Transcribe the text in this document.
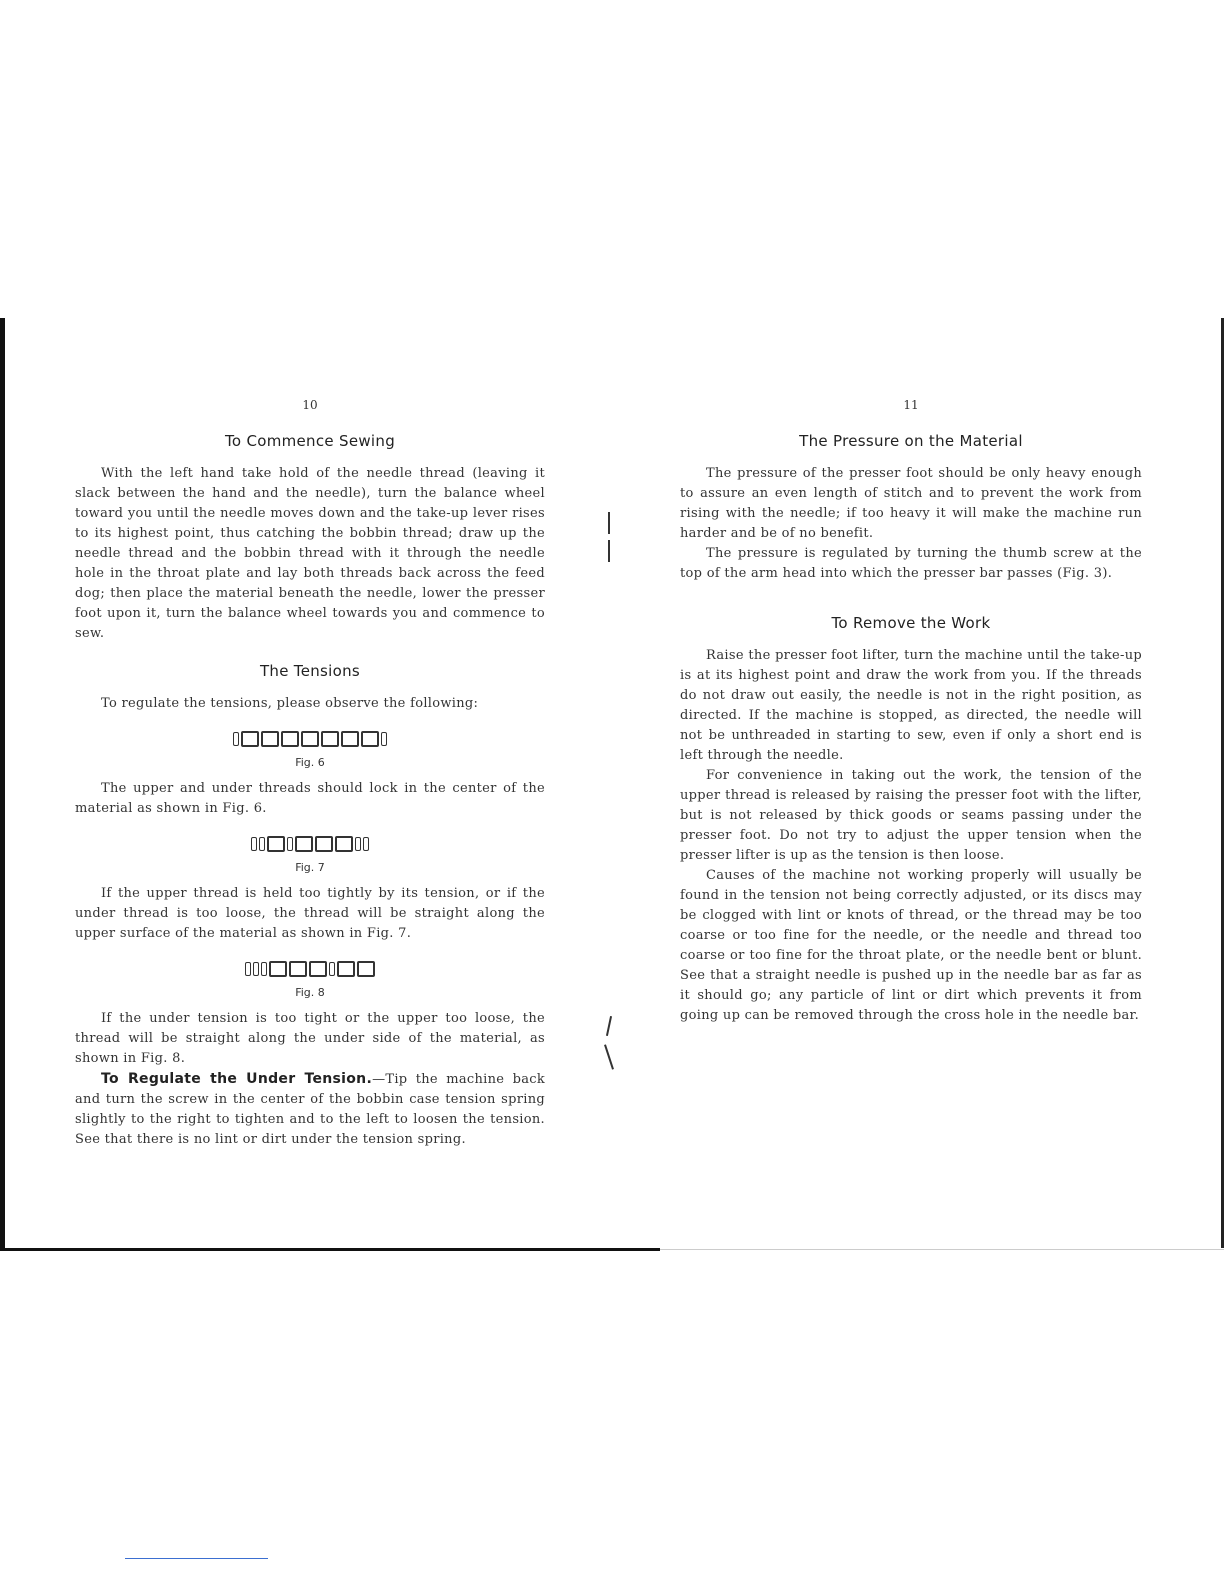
10
To Commence Sewing

With the left hand take hold of the needle thread (leaving it slack between the hand and the needle), turn the balance wheel toward you until the needle moves down and the take-up lever rises to its highest point, thus catching the bobbin thread; draw up the needle thread and the bobbin thread with it through the needle hole in the throat plate and lay both threads back across the feed dog; then place the material beneath the needle, lower the presser foot upon it, turn the balance wheel towards you and commence to sew.

The Tensions

To regulate the tensions, please observe the following:

Fig. 6

The upper and under threads should lock in the center of the material as shown in Fig. 6.

Fig. 7

If the upper thread is held too tightly by its tension, or if the under thread is too loose, the thread will be straight along the upper surface of the material as shown in Fig. 7.

Fig. 8

If the under tension is too tight or the upper too loose, the thread will be straight along the under side of the material, as shown in Fig. 8.

To Regulate the Under Tension.—Tip the machine back and turn the screw in the center of the bobbin case tension spring slightly to the right to tighten and to the left to loosen the tension. See that there is no lint or dirt under the tension spring.

11
The Pressure on the Material

The pressure of the presser foot should be only heavy enough to assure an even length of stitch and to prevent the work from rising with the needle; if too heavy it will make the machine run harder and be of no benefit.

The pressure is regulated by turning the thumb screw at the top of the arm head into which the presser bar passes (Fig. 3).

To Remove the Work

Raise the presser foot lifter, turn the machine until the take-up is at its highest point and draw the work from you. If the threads do not draw out easily, the needle is not in the right position, as directed. If the machine is stopped, as directed, the needle will not be unthreaded in starting to sew, even if only a short end is left through the needle.

For convenience in taking out the work, the tension of the upper thread is released by raising the presser foot with the lifter, but is not released by thick goods or seams passing under the presser foot. Do not try to adjust the upper tension when the presser lifter is up as the tension is then loose.

Causes of the machine not working properly will usually be found in the tension not being correctly adjusted, or its discs may be clogged with lint or knots of thread, or the thread may be too coarse or too fine for the needle, or the needle and thread too coarse or too fine for the throat plate, or the needle bent or blunt. See that a straight needle is pushed up in the needle bar as far as it should go; any particle of lint or dirt which prevents it from going up can be removed through the cross hole in the needle bar.
